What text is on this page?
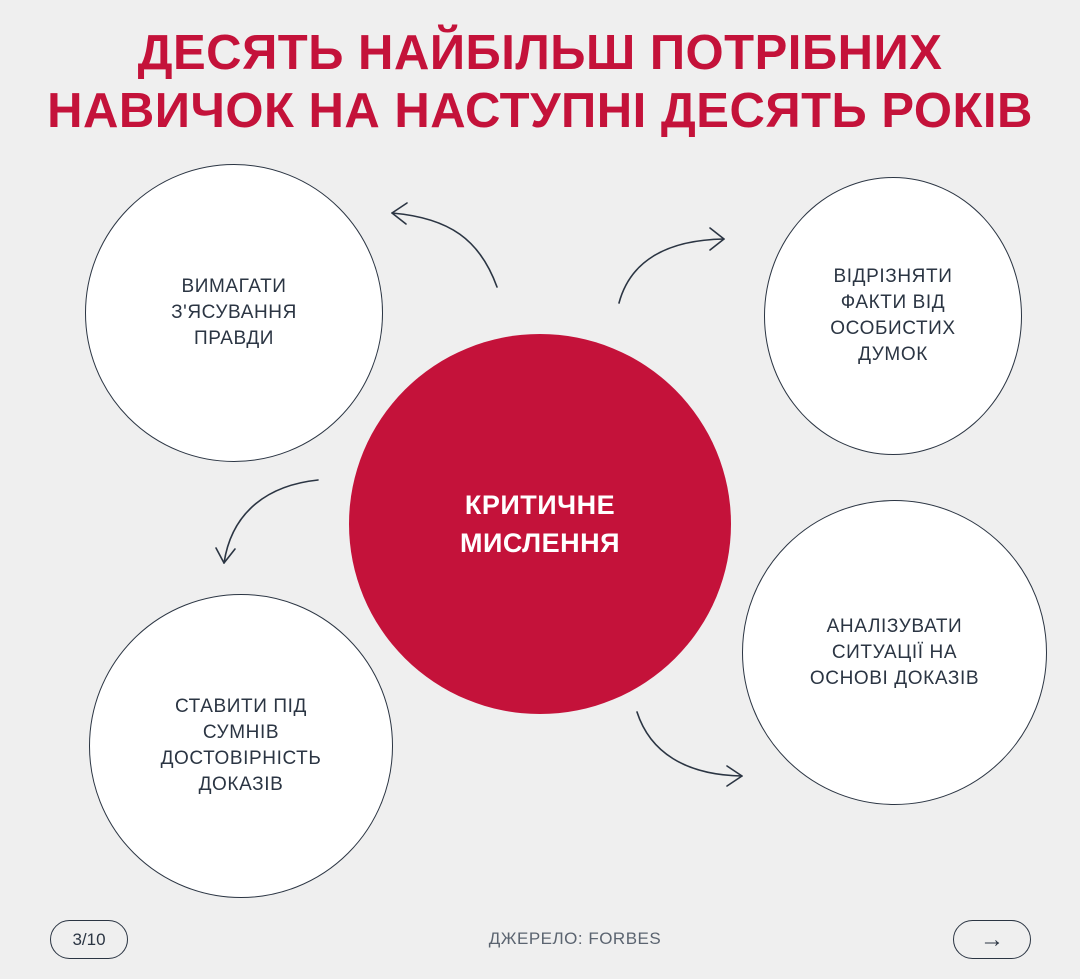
ДЕСЯТЬ НАЙБІЛЬШ ПОТРІБНИХ
НАВИЧОК НА НАСТУПНІ ДЕСЯТЬ РОКІВ
ВИМАГАТИ
З'ЯСУВАННЯ
ПРАВДИ
ВІДРІЗНЯТИ
ФАКТИ ВІД
ОСОБИСТИХ
ДУМОК
СТАВИТИ ПІД
СУМНІВ
ДОСТОВІРНІСТЬ
ДОКАЗІВ
АНАЛІЗУВАТИ
СИТУАЦІЇ НА
ОСНОВІ ДОКАЗІВ
КРИТИЧНЕ
МИСЛЕННЯ
3/10	ДЖЕРЕЛО: FORBES	→
